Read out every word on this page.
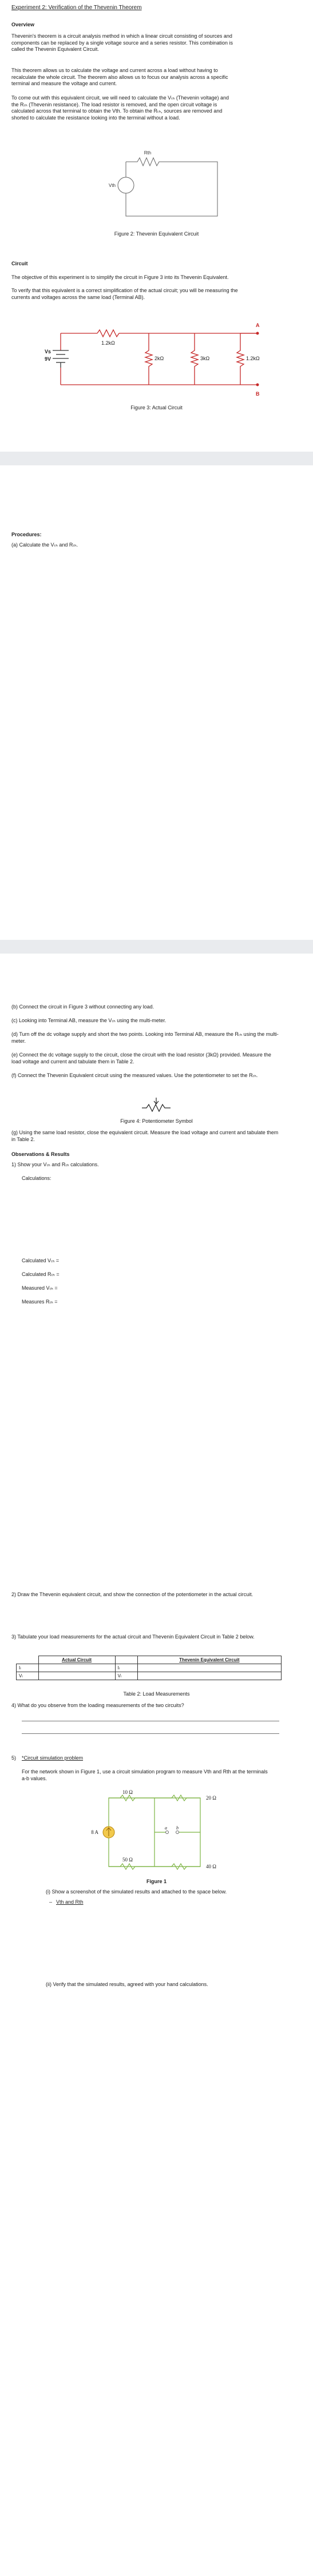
Experiment 2: Verification of the Thevenin Theorem
Overview
Thevenin's theorem is a circuit analysis method in which a linear circuit consisting of sources and components can be replaced by a single voltage source and a series resistor. This combination is called the Thevenin Equivalent Circuit.
This theorem allows us to calculate the voltage and current across a load without having to recalculate the whole circuit. The theorem also allows us to focus our analysis across a specific terminal and measure the voltage and current.
To come out with this equivalent circuit, we will need to calculate the Vₜₕ (Thevenin voltage) and the Rₜₕ (Thevenin resistance). The load resistor is removed, and the open circuit voltage is calculated across that terminal to obtain the Vth. To obtain the Rₜₕ, sources are removed and shorted to calculate the resistance looking into the terminal without a load.
Rth
Vth
Figure 2: Thevenin Equivalent Circuit
Circuit
The objective of this experiment is to simplify the circuit in Figure 3 into its Thevenin Equivalent.
To verify that this equivalent is a correct simplification of the actual circuit; you will be measuring the currents and voltages across the same load (Terminal AB).
Vs
9V
1.2kΩ
2kΩ	3kΩ	1.2kΩ
A
B
Figure 3: Actual Circuit
Procedures:
(a) Calculate the Vₜₕ and Rₜₕ.
(b) Connect the circuit in Figure 3 without connecting any load.
(c) Looking into Terminal AB, measure the Vₜₕ using the multi-meter.
(d) Turn off the dc voltage supply and short the two points. Looking into Terminal AB, measure the Rₜₕ using the multi-meter.
(e) Connect the dc voltage supply to the circuit, close the circuit with the load resistor (3kΩ) provided. Measure the load voltage and current and tabulate them in Table 2.
(f) Connect the Thevenin Equivalent circuit using the measured values. Use the potentiometer to set the Rₜₕ.
Figure 4: Potentiometer Symbol
(g) Using the same load resistor, close the equivalent circuit. Measure the load voltage and current and tabulate them in Table 2.
Observations & Results
1) Show your Vₜₕ and Rₜₕ calculations.
Calculations:
Calculated Vₜₕ =
Calculated Rₜₕ =
Measured Vₜₕ =
Measures Rₜₕ =
2) Draw the Thevenin equivalent circuit, and show the connection of the potentiometer in the actual circuit.
3) Tabulate your load measurements for the actual circuit and Thevenin Equivalent Circuit in Table 2 below.
	Actual Circuit		Thevenin Equivalent Circuit
Iₗ		Iₗ	
Vₗ		Vₗ	
Table 2: Load Measurements
4) What do you observe from the loading measurements of the two circuits?
5) *Circuit simulation problem
For the network shown in Figure 1, use a circuit simulation program to measure Vth and Rth at the terminals a-b values.
8 A
10 Ω
20 Ω
50 Ω
40 Ω
a b
Figure 1
(i) Show a screenshot of the simulated results and attached to the space below.
– Vth and Rth
(ii) Verify that the simulated results, agreed with your hand calculations.
